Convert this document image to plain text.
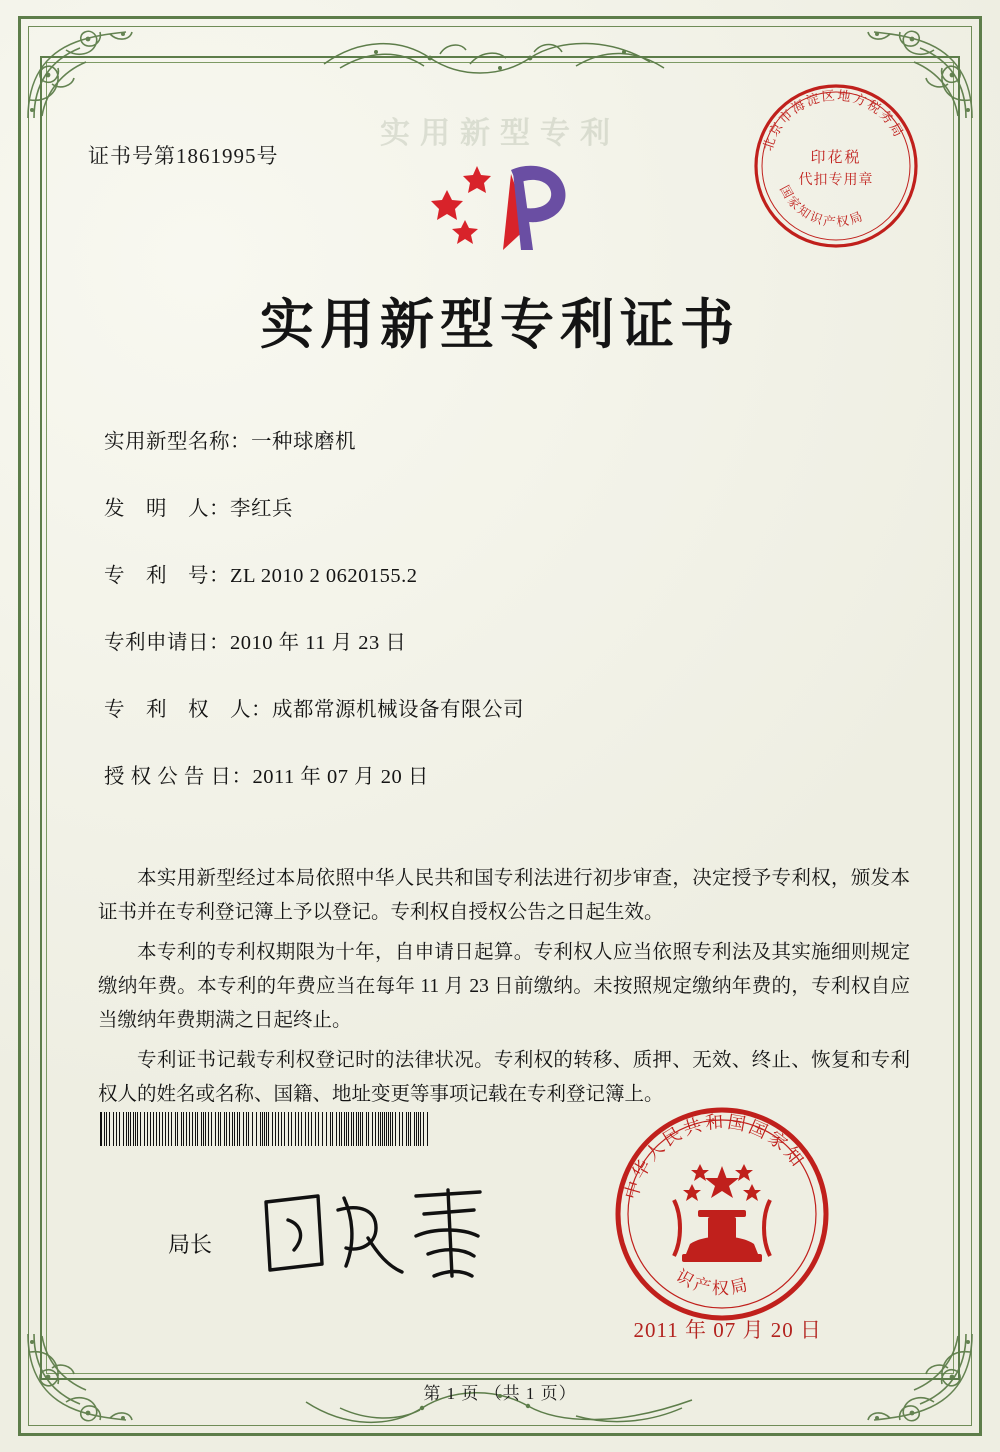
实用新型专利
证书号第1861995号
北京市海淀区地方税务局
国家知识产权局
印花税
代扣专用章
实用新型专利证书
实用新型名称：一种球磨机
发　明　人：李红兵
专　利　号：ZL 2010 2 0620155.2
专利申请日：2010 年 11 月 23 日
专　利　权　人：成都常源机械设备有限公司
授 权 公 告 日：2011 年 07 月 20 日

本实用新型经过本局依照中华人民共和国专利法进行初步审查，决定授予专利权，颁发本证书并在专利登记簿上予以登记。专利权自授权公告之日起生效。

本专利的专利权期限为十年，自申请日起算。专利权人应当依照专利法及其实施细则规定缴纳年费。本专利的年费应当在每年 11 月 23 日前缴纳。未按照规定缴纳年费的，专利权自应当缴纳年费期满之日起终止。

专利证书记载专利权登记时的法律状况。专利权的转移、质押、无效、终止、恢复和专利权人的姓名或名称、国籍、地址变更等事项记载在专利登记簿上。

局长
中华人民共和国国家知
识产权局
2011 年 07 月 20 日
第 1 页 （共 1 页）
